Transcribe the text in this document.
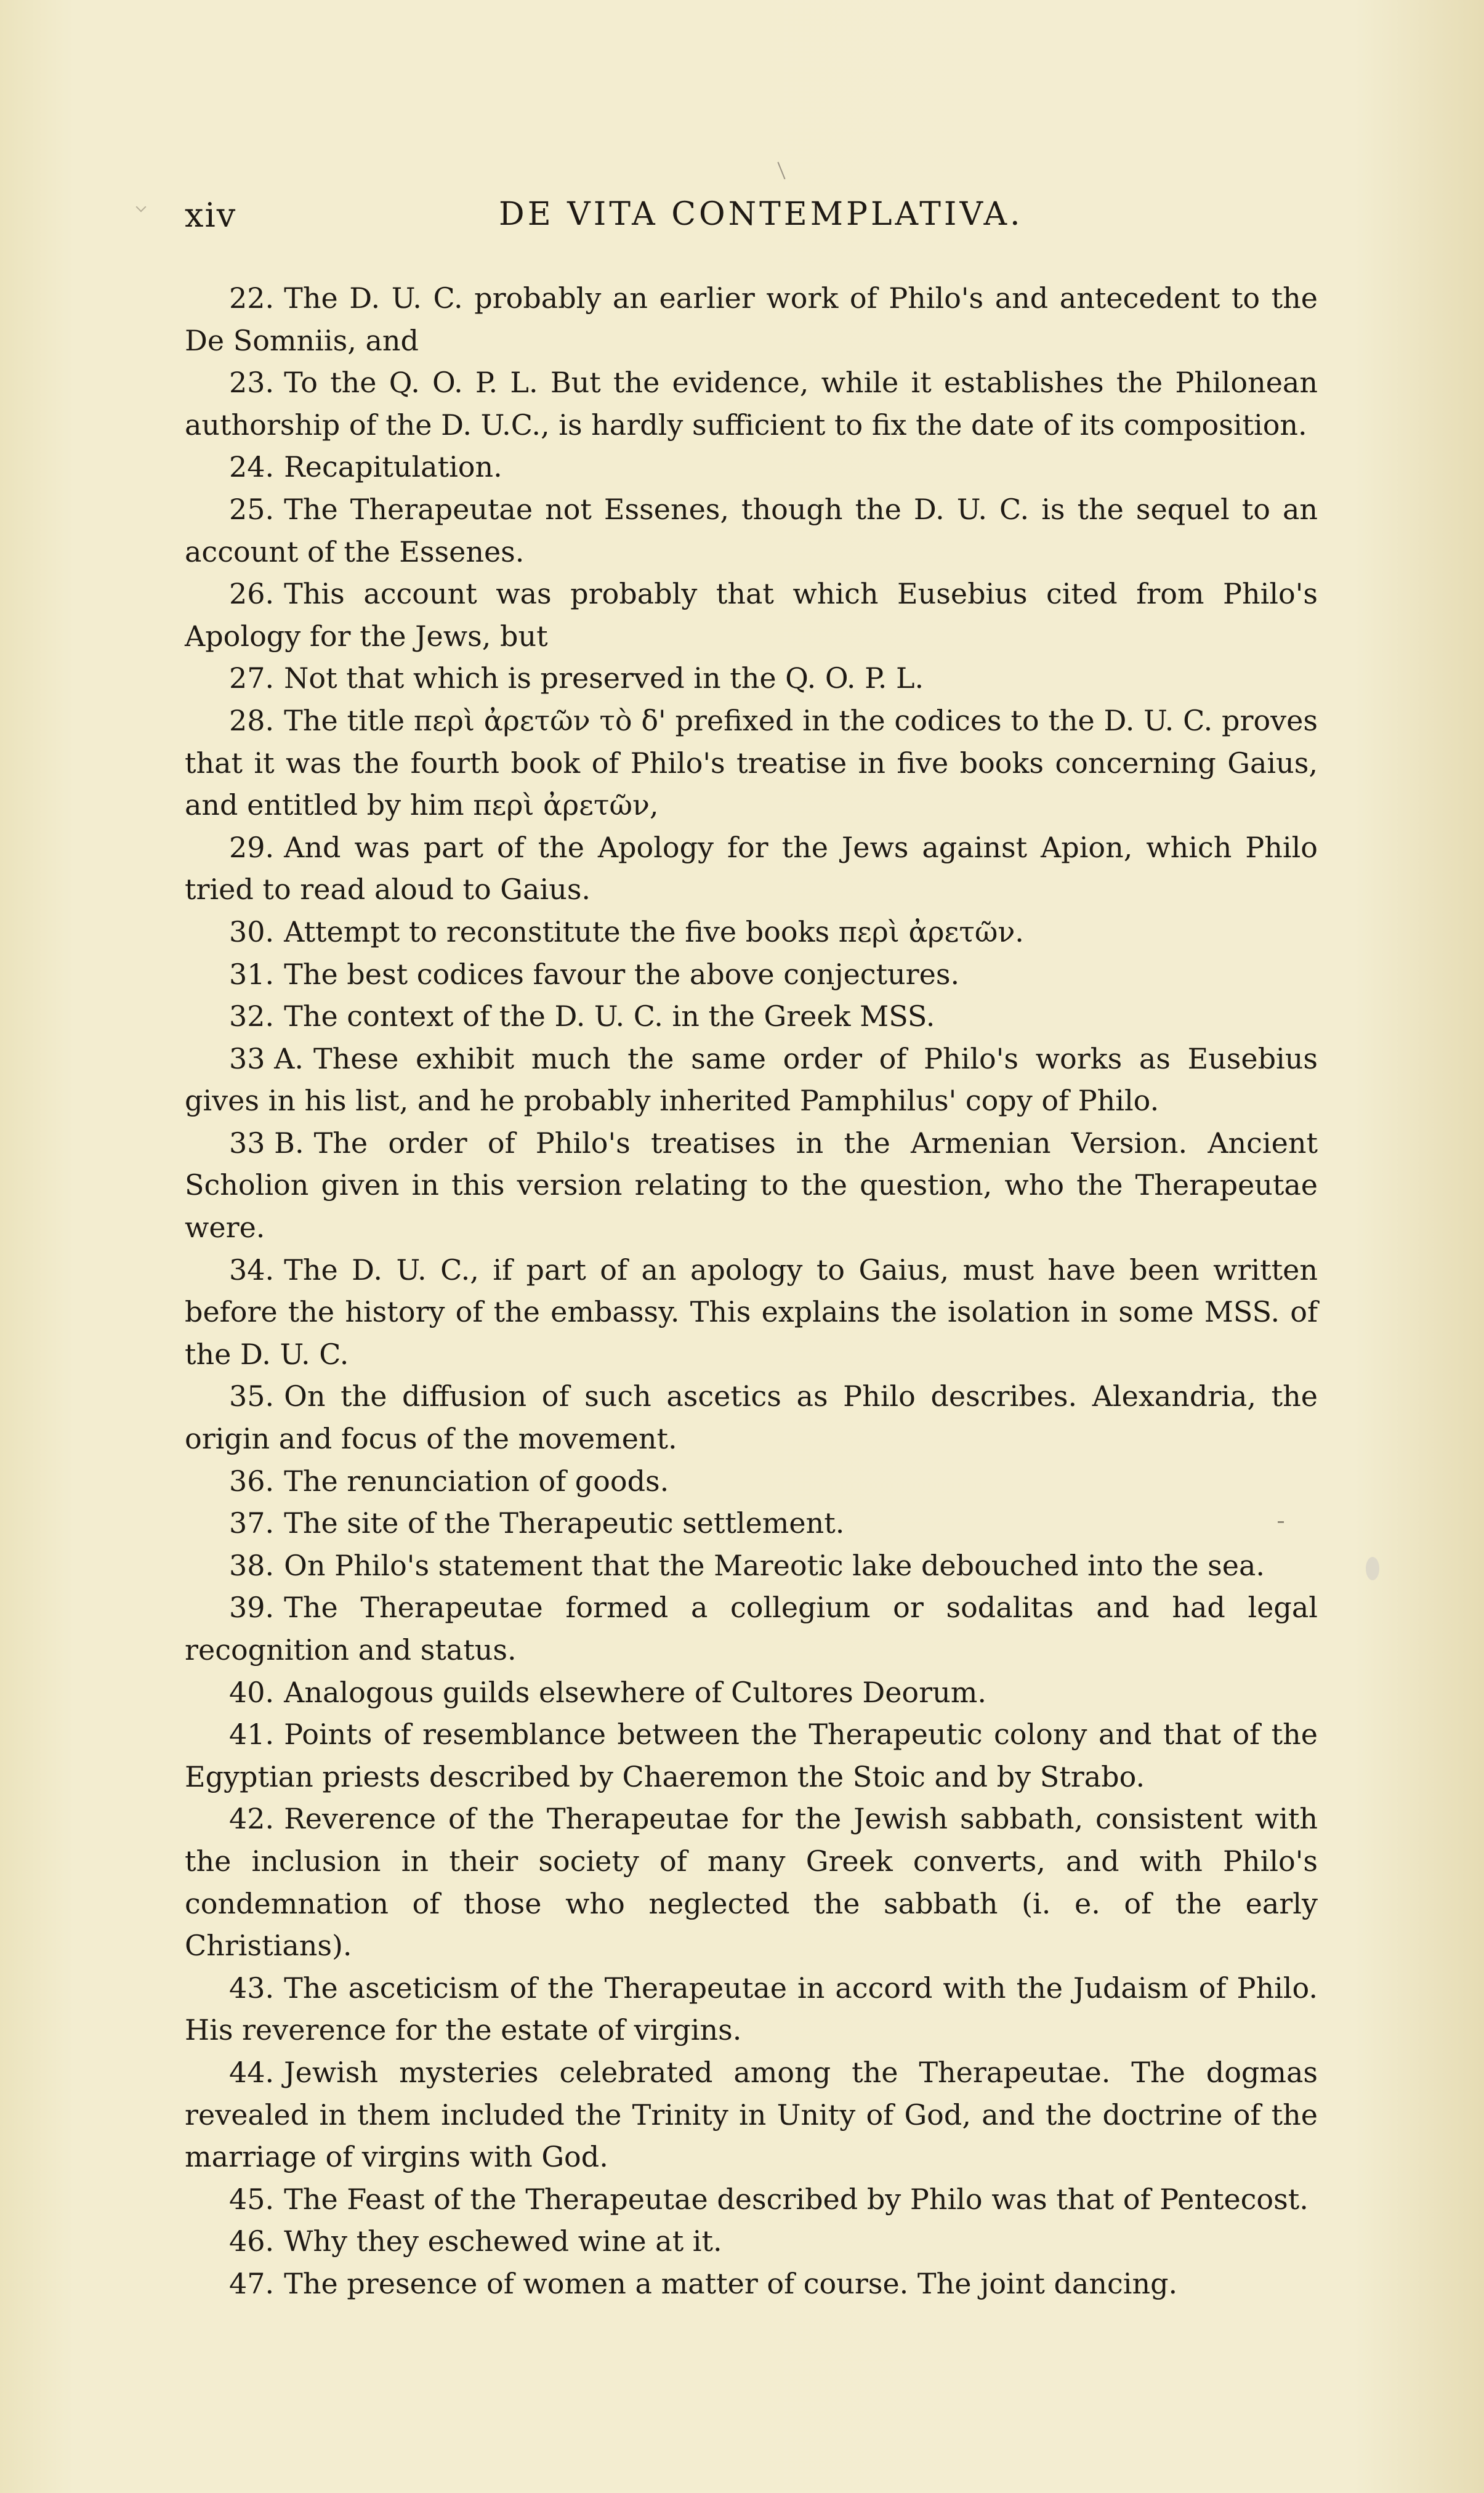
xiv	DE VITA CONTEMPLATIVA.

22. The D. U. C. probably an earlier work of Philo's and antecedent to the De Somniis, and

23. To the Q. O. P. L. But the evidence, while it establishes the Philonean authorship of the D. U.C., is hardly sufficient to fix the date of its composition.

24. Recapitulation.

25. The Therapeutae not Essenes, though the D. U. C. is the sequel to an account of the Essenes.

26. This account was probably that which Eusebius cited from Philo's Apology for the Jews, but

27. Not that which is preserved in the Q. O. P. L.

28. The title περὶ ἀρετῶν τὸ δ' prefixed in the codices to the D. U. C. proves that it was the fourth book of Philo's treatise in five books concerning Gaius, and entitled by him περὶ ἀρετῶν,

29. And was part of the Apology for the Jews against Apion, which Philo tried to read aloud to Gaius.

30. Attempt to reconstitute the five books περὶ ἀρετῶν.

31. The best codices favour the above conjectures.

32. The context of the D. U. C. in the Greek MSS.

33 A. These exhibit much the same order of Philo's works as Eusebius gives in his list, and he probably inherited Pamphilus' copy of Philo.

33 B. The order of Philo's treatises in the Armenian Version. Ancient Scholion given in this version relating to the question, who the Therapeutae were.

34. The D. U. C., if part of an apology to Gaius, must have been written before the history of the embassy. This explains the isolation in some MSS. of the D. U. C.

35. On the diffusion of such ascetics as Philo describes. Alexandria, the origin and focus of the movement.

36. The renunciation of goods.

37. The site of the Therapeutic settlement.

38. On Philo's statement that the Mareotic lake debouched into the sea.

39. The Therapeutae formed a collegium or sodalitas and had legal recognition and status.

40. Analogous guilds elsewhere of Cultores Deorum.

41. Points of resemblance between the Therapeutic colony and that of the Egyptian priests described by Chaeremon the Stoic and by Strabo.

42. Reverence of the Therapeutae for the Jewish sabbath, consistent with the inclusion in their society of many Greek converts, and with Philo's condemnation of those who neglected the sabbath (i. e. of the early Christians).

43. The asceticism of the Therapeutae in accord with the Judaism of Philo. His reverence for the estate of virgins.

44. Jewish mysteries celebrated among the Therapeutae. The dogmas revealed in them included the Trinity in Unity of God, and the doctrine of the marriage of virgins with God.

45. The Feast of the Therapeutae described by Philo was that of Pentecost.

46. Why they eschewed wine at it.

47. The presence of women a matter of course. The joint dancing.
